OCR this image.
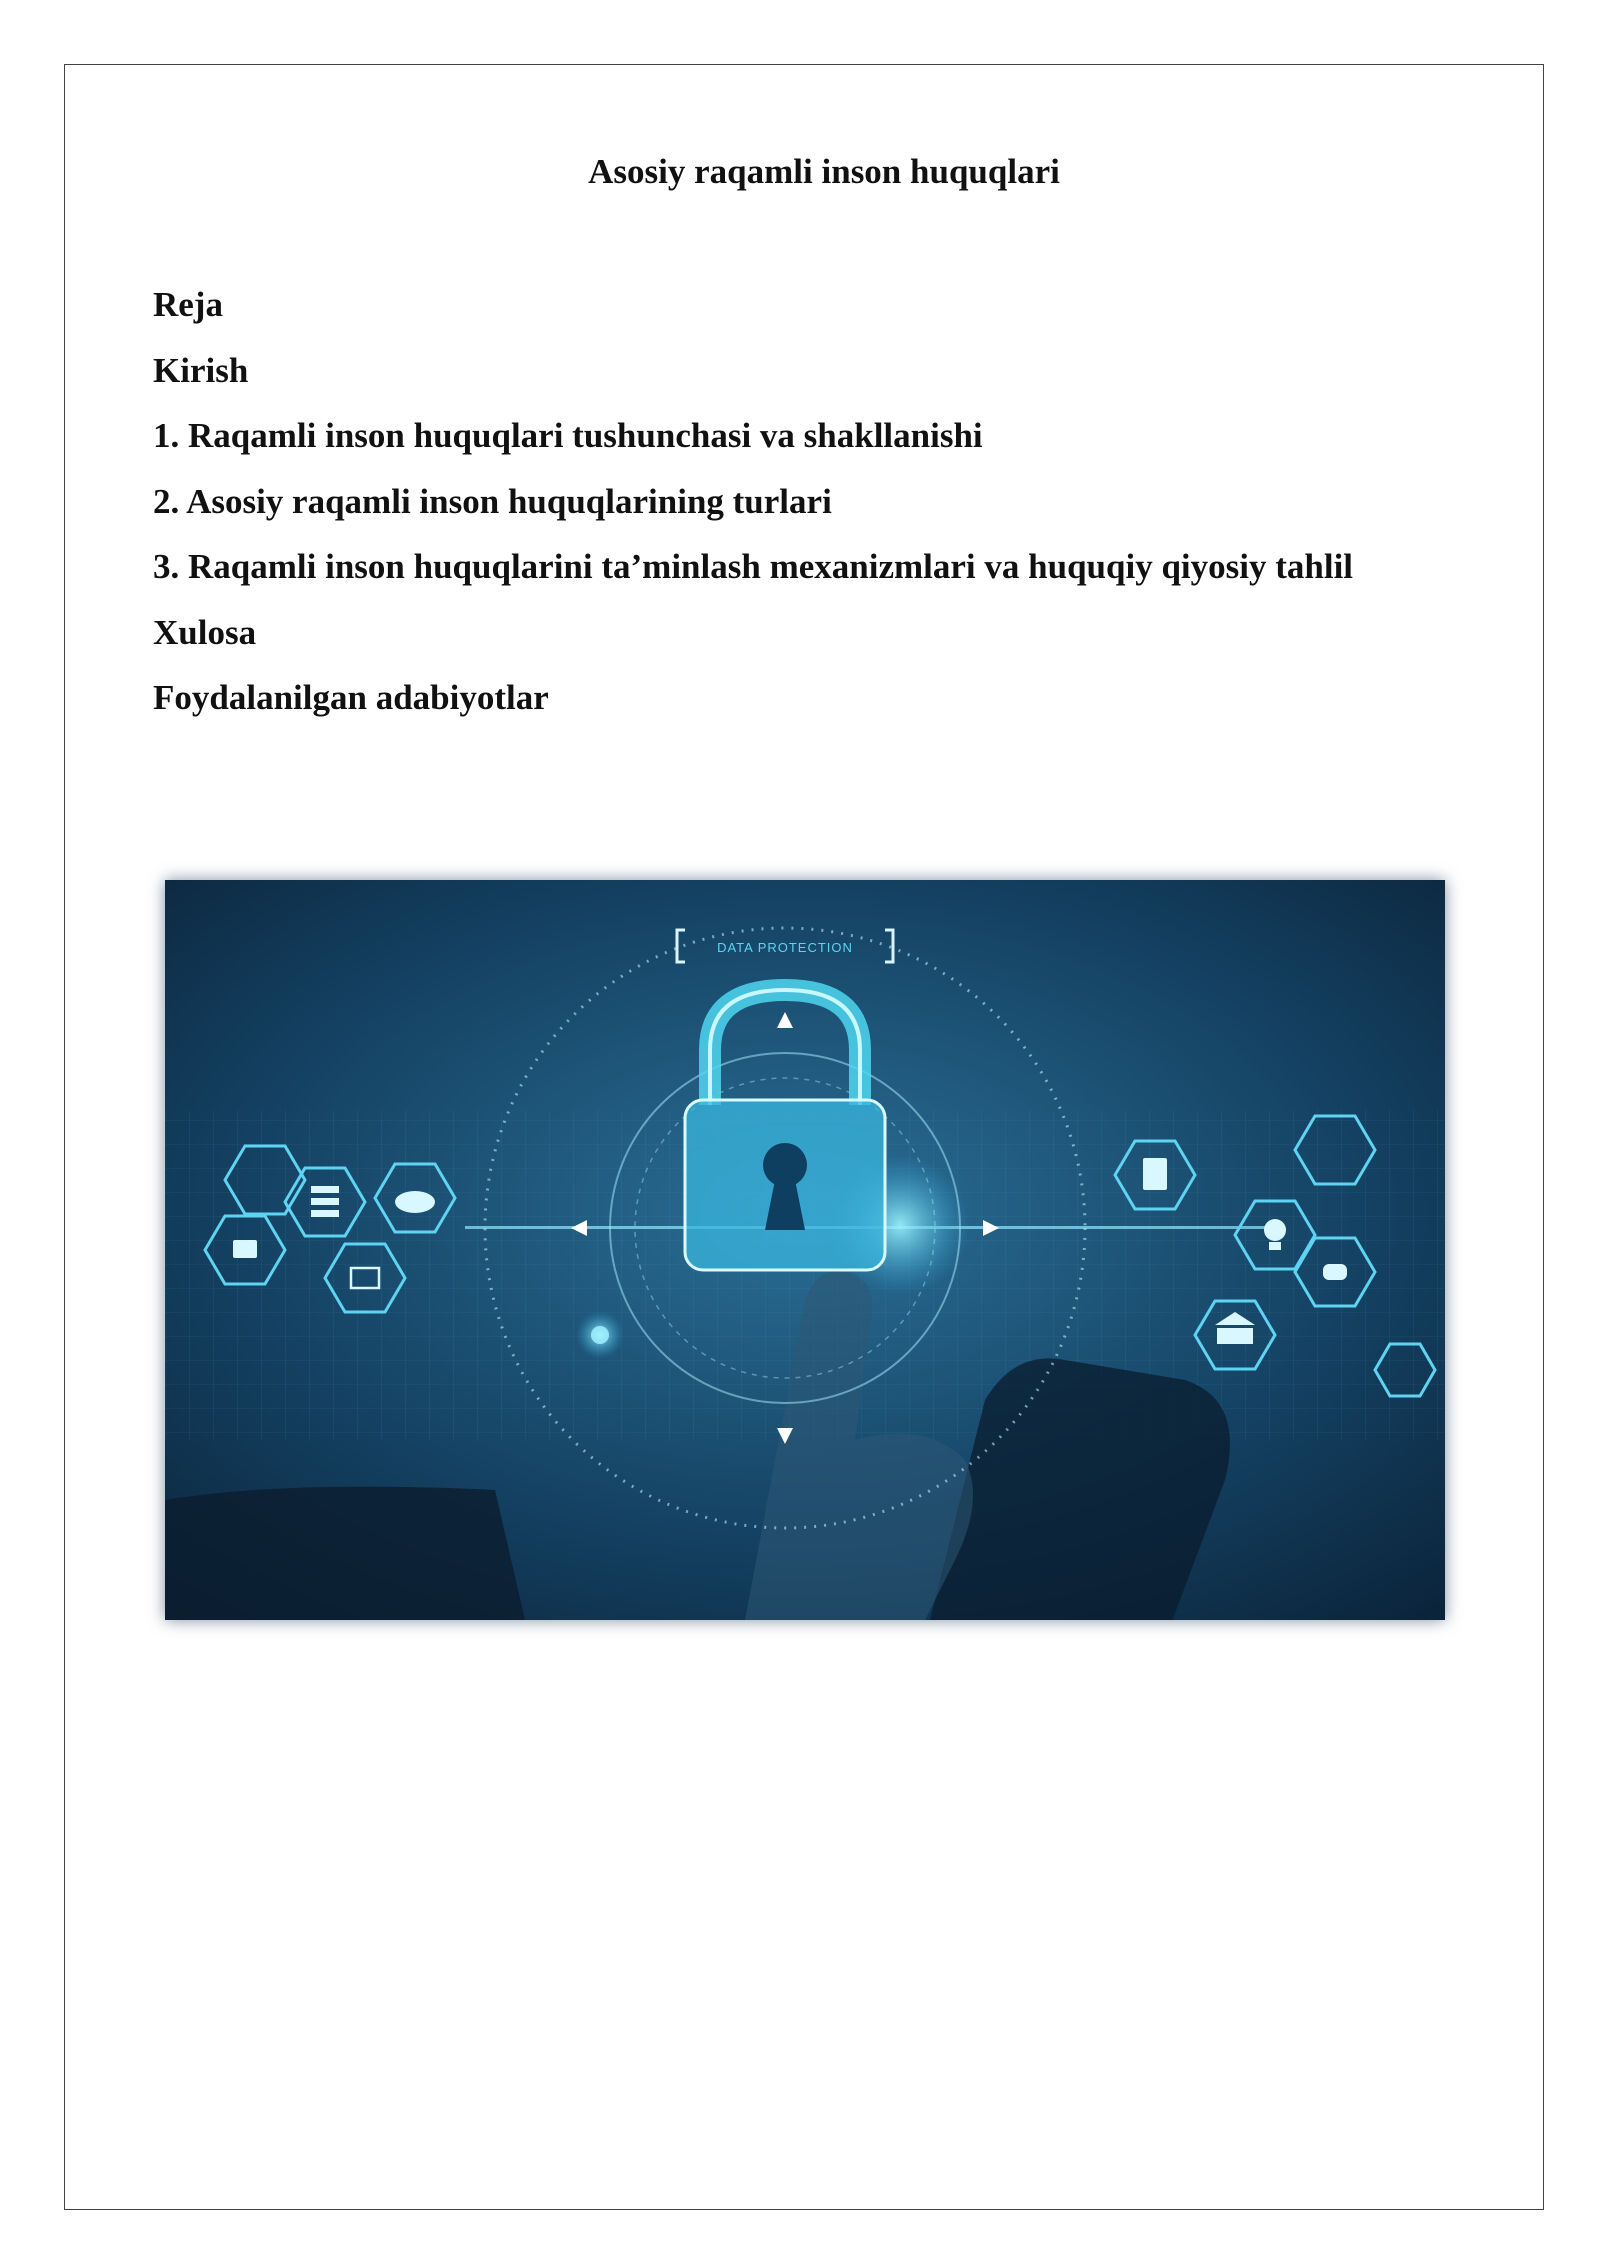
Asosiy raqamli inson huquqlari
Reja
Kirish
1. Raqamli inson huquqlari tushunchasi va shakllanishi
2. Asosiy raqamli inson huquqlarining turlari
3. Raqamli inson huquqlarini ta’minlash mexanizmlari va huquqiy qiyosiy tahlil
Xulosa
Foydalanilgan adabiyotlar
DATA PROTECTION
